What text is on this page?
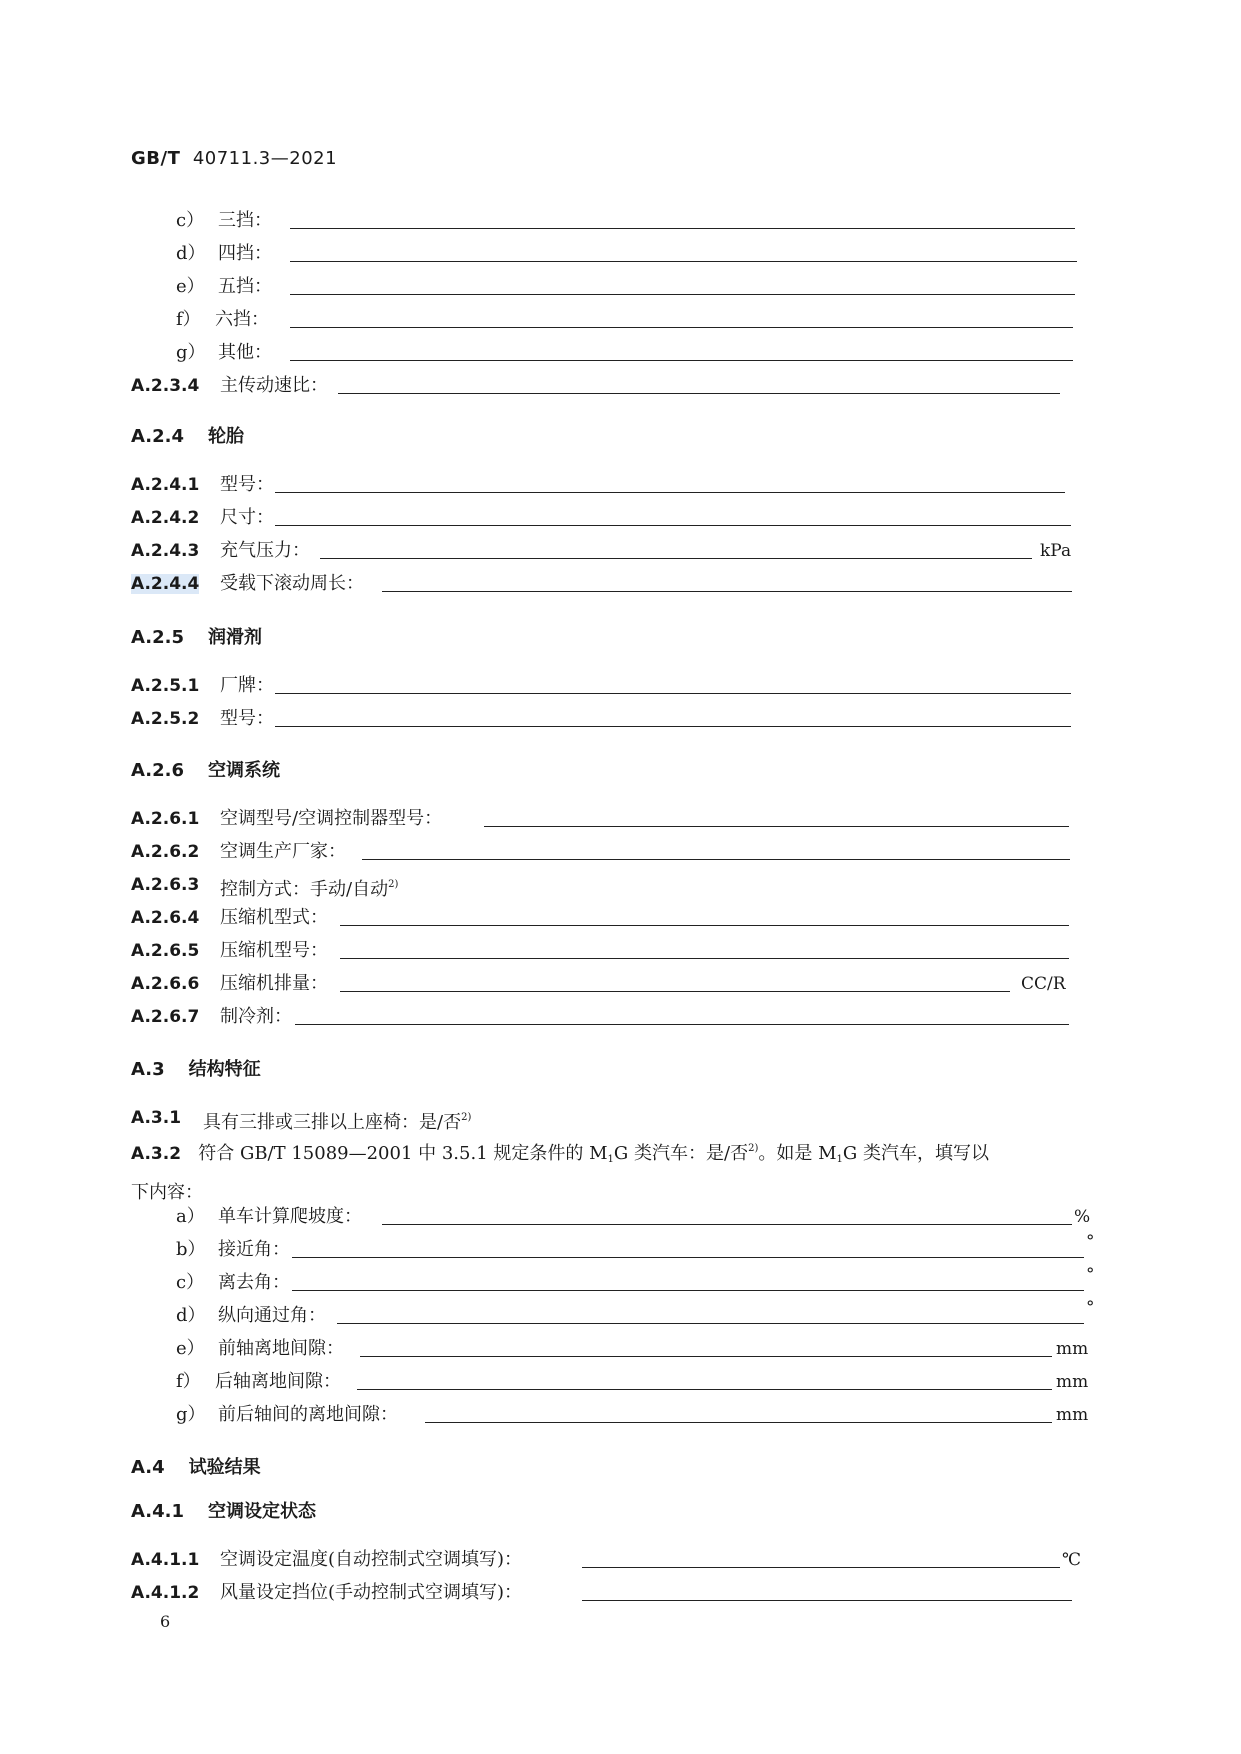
GB/T 40711.3—2021
c） 三挡：
d） 四挡：
e） 五挡：
f） 六挡：
g） 其他：
A.2.3.4 主传动速比：
A.2.4 轮胎
A.2.4.1 型号：
A.2.4.2 尺寸：
A.2.4.3 充气压力：	kPa
A.2.4.4 受载下滚动周长：
A.2.5 润滑剂
A.2.5.1 厂牌：
A.2.5.2 型号：
A.2.6 空调系统
A.2.6.1 空调型号/空调控制器型号：
A.2.6.2 空调生产厂家：
A.2.6.3 控制方式：手动/自动$^{2)}$
A.2.6.4 压缩机型式：
A.2.6.5 压缩机型号：
A.2.6.6 压缩机排量：	CC/R
A.2.6.7 制冷剂：
A.3 结构特征
A.3.1 具有三排或三排以上座椅：是/否$^{2)}$
A.3.2 符合 GB/T 15089—2001 中 3.5.1 规定条件的 $M_1G$ 类汽车：是/否$^{2)}$。如是 $M_1G$ 类汽车，填写以
下内容：
a） 单车计算爬坡度：	%
b） 接近角：	°
c） 离去角：	°
d） 纵向通过角：	°
e） 前轴离地间隙：	mm
f） 后轴离地间隙：	mm
g） 前后轴间的离地间隙：	mm
A.4 试验结果
A.4.1 空调设定状态
A.4.1.1 空调设定温度(自动控制式空调填写)：	℃
A.4.1.2 风量设定挡位(手动控制式空调填写)：
6
